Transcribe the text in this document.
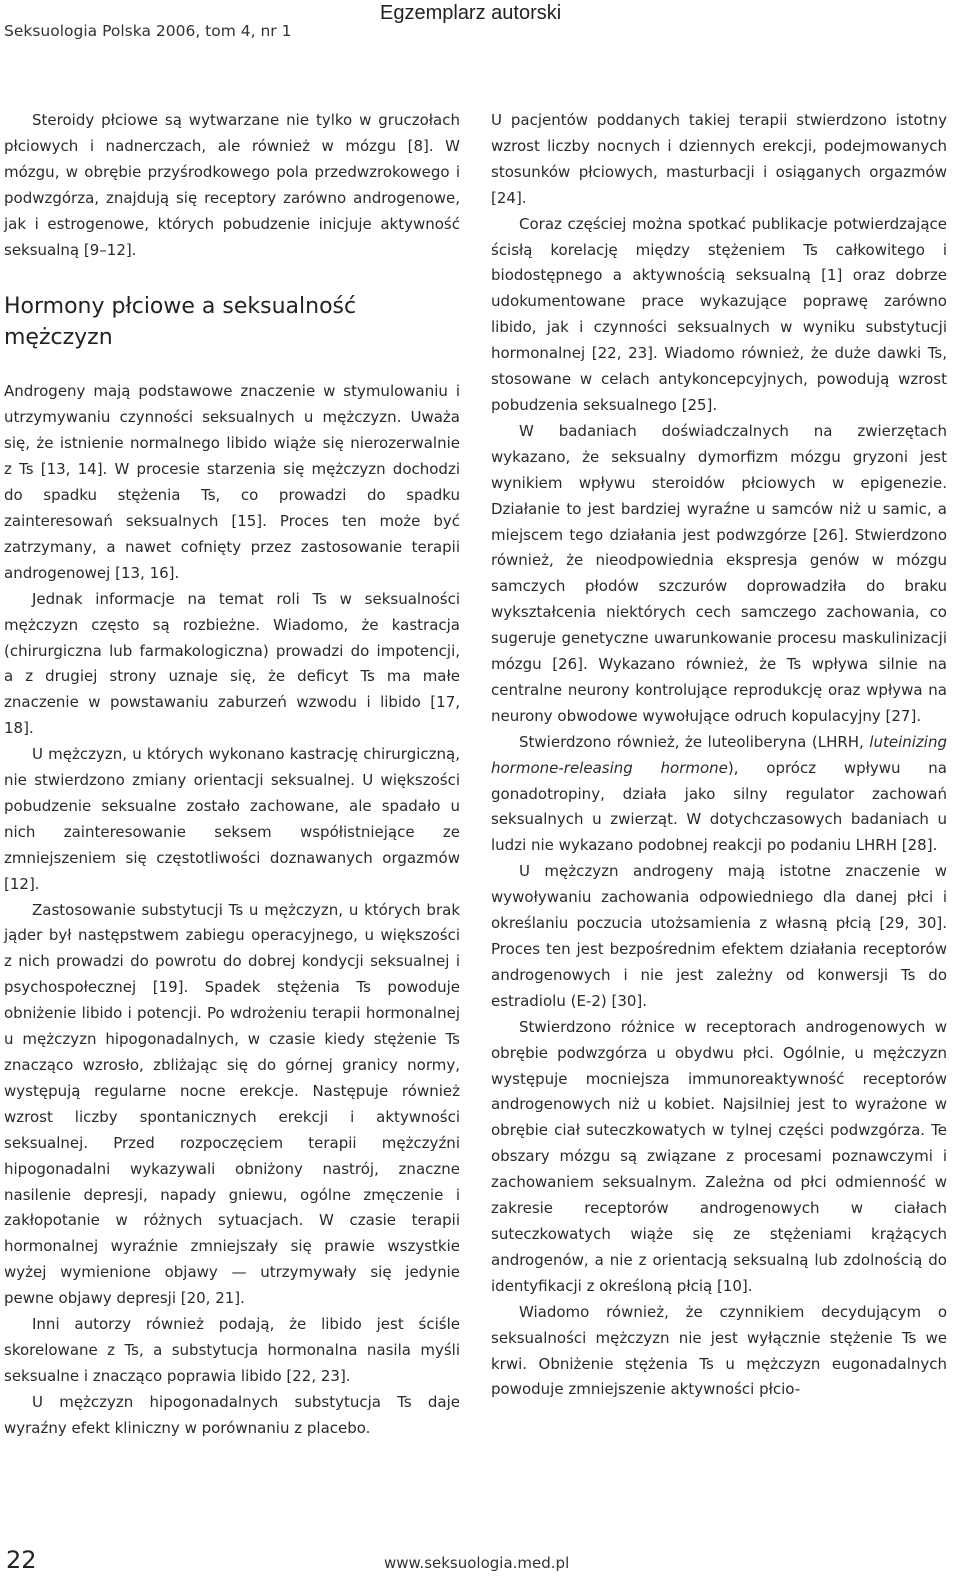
Seksuologia Polska 2006, tom 4, nr 1
Egzemplarz autorski

Steroidy płciowe są wytwarzane nie tylko w gruczołach płciowych i nadnerczach, ale również w mózgu [8]. W mózgu, w obrębie przyśrodkowego pola przedwzrokowego i podwzgórza, znajdują się receptory zarówno androgenowe, jak i estrogenowe, których pobudzenie inicjuje aktywność seksualną [9–12].

Hormony płciowe a seksualność mężczyzn

Androgeny mają podstawowe znaczenie w stymulowaniu i utrzymywaniu czynności seksualnych u mężczyzn. Uważa się, że istnienie normalnego libido wiąże się nierozerwalnie z Ts [13, 14]. W procesie starzenia się mężczyzn dochodzi do spadku stężenia Ts, co prowadzi do spadku zainteresowań seksualnych [15]. Proces ten może być zatrzymany, a nawet cofnięty przez zastosowanie terapii androgenowej [13, 16].

Jednak informacje na temat roli Ts w seksualności mężczyzn często są rozbieżne. Wiadomo, że kastracja (chirurgiczna lub farmakologiczna) prowadzi do impotencji, a z drugiej strony uznaje się, że deficyt Ts ma małe znaczenie w powstawaniu zaburzeń wzwodu i libido [17, 18].

U mężczyzn, u których wykonano kastrację chirurgiczną, nie stwierdzono zmiany orientacji seksualnej. U większości pobudzenie seksualne zostało zachowane, ale spadało u nich zainteresowanie seksem współistniejące ze zmniejszeniem się częstotliwości doznawanych orgazmów [12].

Zastosowanie substytucji Ts u mężczyzn, u których brak jąder był następstwem zabiegu operacyjnego, u większości z nich prowadzi do powrotu do dobrej kondycji seksualnej i psychospołecznej [19]. Spadek stężenia Ts powoduje obniżenie libido i potencji. Po wdrożeniu terapii hormonalnej u mężczyzn hipogonadalnych, w czasie kiedy stężenie Ts znacząco wzrosło, zbliżając się do górnej granicy normy, występują regularne nocne erekcje. Następuje również wzrost liczby spontanicznych erekcji i aktywności seksualnej. Przed rozpoczęciem terapii mężczyźni hipogonadalni wykazywali obniżony nastrój, znaczne nasilenie depresji, napady gniewu, ogólne zmęczenie i zakłopotanie w różnych sytuacjach. W czasie terapii hormonalnej wyraźnie zmniejszały się prawie wszystkie wyżej wymienione objawy — utrzymywały się jedynie pewne objawy depresji [20, 21].

Inni autorzy również podają, że libido jest ściśle skorelowane z Ts, a substytucja hormonalna nasila myśli seksualne i znacząco poprawia libido [22, 23].

U mężczyzn hipogonadalnych substytucja Ts daje wyraźny efekt kliniczny w porównaniu z placebo.

U pacjentów poddanych takiej terapii stwierdzono istotny wzrost liczby nocnych i dziennych erekcji, podejmowanych stosunków płciowych, masturbacji i osiąganych orgazmów [24].

Coraz częściej można spotkać publikacje potwierdzające ścisłą korelację między stężeniem Ts całkowitego i biodostępnego a aktywnością seksualną [1] oraz dobrze udokumentowane prace wykazujące poprawę zarówno libido, jak i czynności seksualnych w wyniku substytucji hormonalnej [22, 23]. Wiadomo również, że duże dawki Ts, stosowane w celach antykoncepcyjnych, powodują wzrost pobudzenia seksualnego [25].

W badaniach doświadczalnych na zwierzętach wykazano, że seksualny dymorfizm mózgu gryzoni jest wynikiem wpływu steroidów płciowych w epigenezie. Działanie to jest bardziej wyraźne u samców niż u samic, a miejscem tego działania jest podwzgórze [26]. Stwierdzono również, że nieodpowiednia ekspresja genów w mózgu samczych płodów szczurów doprowadziła do braku wykształcenia niektórych cech samczego zachowania, co sugeruje genetyczne uwarunkowanie procesu maskulinizacji mózgu [26]. Wykazano również, że Ts wpływa silnie na centralne neurony kontrolujące reprodukcję oraz wpływa na neurony obwodowe wywołujące odruch kopulacyjny [27].

Stwierdzono również, że luteoliberyna (LHRH, luteinizing hormone-releasing hormone), oprócz wpływu na gonadotropiny, działa jako silny regulator zachowań seksualnych u zwierząt. W dotychczasowych badaniach u ludzi nie wykazano podobnej reakcji po podaniu LHRH [28].

U mężczyzn androgeny mają istotne znaczenie w wywoływaniu zachowania odpowiedniego dla danej płci i określaniu poczucia utożsamienia z własną płcią [29, 30]. Proces ten jest bezpośrednim efektem działania receptorów androgenowych i nie jest zależny od konwersji Ts do estradiolu (E-2) [30].

Stwierdzono różnice w receptorach androgenowych w obrębie podwzgórza u obydwu płci. Ogólnie, u mężczyzn występuje mocniejsza immunoreaktywność receptorów androgenowych niż u kobiet. Najsilniej jest to wyrażone w obrębie ciał suteczkowatych w tylnej części podwzgórza. Te obszary mózgu są związane z procesami poznawczymi i zachowaniem seksualnym. Zależna od płci odmienność w zakresie receptorów androgenowych w ciałach suteczkowatych wiąże się ze stężeniami krążących androgenów, a nie z orientacją seksualną lub zdolnością do identyfikacji z określoną płcią [10].

Wiadomo również, że czynnikiem decydującym o seksualności mężczyzn nie jest wyłącznie stężenie Ts we krwi. Obniżenie stężenia Ts u mężczyzn eugonadalnych powoduje zmniejszenie aktywności płcio-

22	www.seksuologia.med.pl
